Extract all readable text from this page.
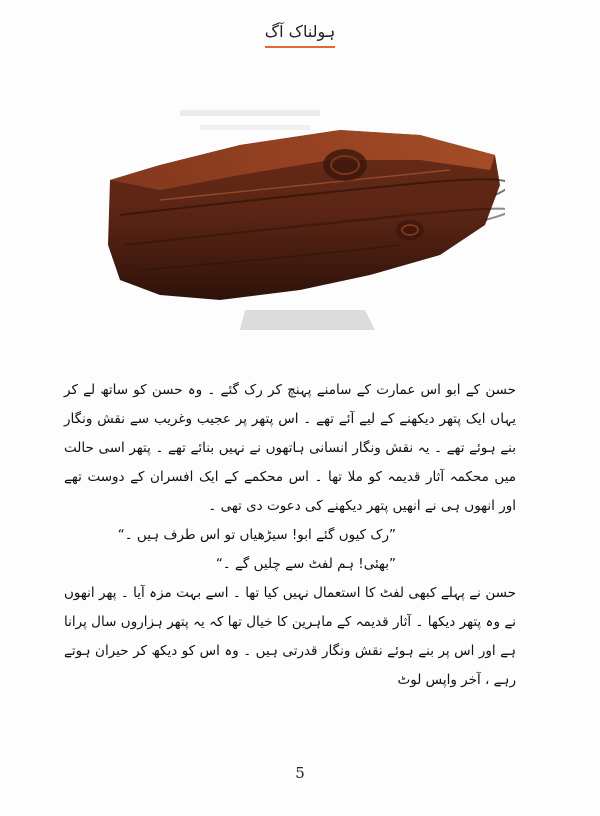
ہولناک آگ

حسن کے ابو اس عمارت کے سامنے پہنچ کر رک گئے ۔ وہ حسن کو ساتھ لے کر یہاں ایک پتھر دیکھنے کے لیے آئے تھے ۔ اس پتھر پر عجیب وغریب سے نقش ونگار بنے ہوئے تھے ۔ یہ نقش ونگار انسانی ہاتھوں نے نہیں بنائے تھے ۔ پتھر اسی حالت میں محکمہ آثار قدیمہ کو ملا تھا ۔ اس محکمے کے ایک افسران کے دوست تھے اور انھوں ہی نے انھیں پتھر دیکھنے کی دعوت دی تھی ۔

”رک کیوں گئے ابو! سیڑھیاں تو اس طرف ہیں ۔“

”بھئی! ہم لفٹ سے چلیں گے ۔“

حسن نے پہلے کبھی لفٹ کا استعمال نہیں کیا تھا ۔ اسے بہت مزہ آیا ۔ پھر انھوں نے وہ پتھر دیکھا ۔ آثار قدیمہ کے ماہرین کا خیال تھا کہ یہ پتھر ہزاروں سال پرانا ہے اور اس پر بنے ہوئے نقش ونگار قدرتی ہیں ۔ وہ اس کو دیکھ کر حیران ہوتے رہے ، آخر واپس لوٹ

5
